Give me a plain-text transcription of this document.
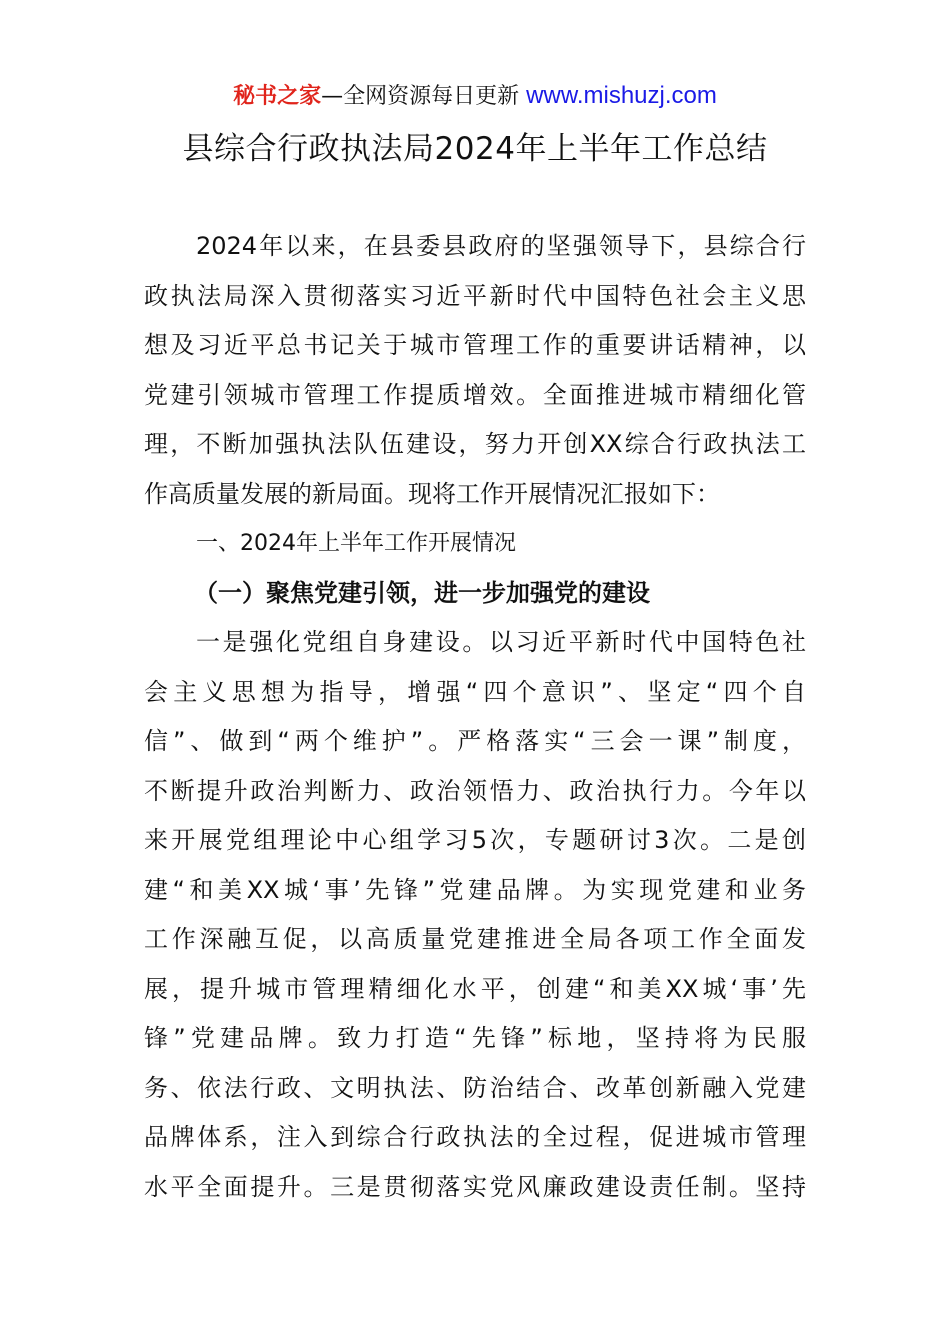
秘书之家—全网资源每日更新 www.mishuzj.com
县综合行政执法局2024年上半年工作总结
2024年以来，在县委县政府的坚强领导下，县综合行
政执法局深入贯彻落实习近平新时代中国特色社会主义思
想及习近平总书记关于城市管理工作的重要讲话精神，以
党建引领城市管理工作提质增效。全面推进城市精细化管
理，不断加强执法队伍建设，努力开创XX综合行政执法工
作高质量发展的新局面。现将工作开展情况汇报如下：
一、2024年上半年工作开展情况
（一）聚焦党建引领，进一步加强党的建设
一是强化党组自身建设。以习近平新时代中国特色社
会主义思想为指导，增强“四个意识”、坚定“四个自
信”、做到“两个维护”。严格落实“三会一课”制度，
不断提升政治判断力、政治领悟力、政治执行力。今年以
来开展党组理论中心组学习5次，专题研讨3次。二是创
建“和美XX城‘事’先锋”党建品牌。为实现党建和业务
工作深融互促，以高质量党建推进全局各项工作全面发
展，提升城市管理精细化水平，创建“和美XX城‘事’先
锋”党建品牌。致力打造“先锋”标地，坚持将为民服
务、依法行政、文明执法、防治结合、改革创新融入党建
品牌体系，注入到综合行政执法的全过程，促进城市管理
水平全面提升。三是贯彻落实党风廉政建设责任制。坚持
